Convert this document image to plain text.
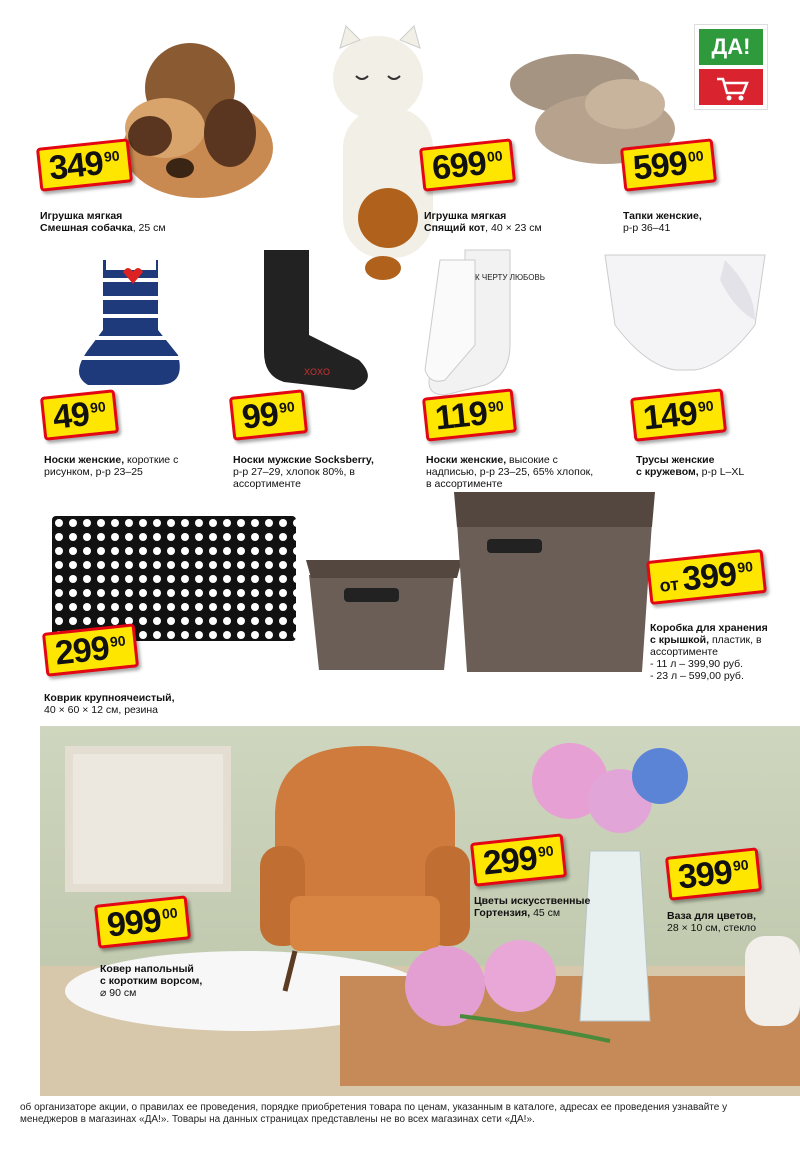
ДА!
349
90	699
00	599
00
Игрушка мягкая
Смешная собачка, 25 см
Игрушка мягкая
Спящий кот, 40 × 23 см
Тапки женские,
р-р 36–41
XOXO
К ЧЕРТУ ЛЮБОВЬ
49
90	99
90	119
90	149
90
Носки женские, короткие с рисунком, р-р 23–25
Носки мужские Socksberry,
р-р 27–29, хлопок 80%, в ассортименте
Носки женские, высокие с надписью, р-р 23–25, 65% хлопок, в ассортименте
Трусы женские
с кружевом, р-р L–XL
299
90
от 399
90
Коврик крупноячеистый,
40 × 60 × 12 см, резина
Коробка для хранения
с крышкой, пластик, в ассортименте
- 11 л – 399,90 руб.
- 23 л – 599,00 руб.
999
00
299
90
399
90
Ковер напольный
с коротким ворсом,
⌀ 90 см
Цветы искусственные
Гортензия, 45 см	Ваза для цветов,
28 × 10 см, стекло
об организаторе акции, о правилах ее проведения, порядке приобретения товара по ценам, указанным в каталоге, адресах ее проведения узнавайте у менеджеров в магазинах «ДА!». Товары на данных страницах представлены не во всех магазинах сети «ДА!».
